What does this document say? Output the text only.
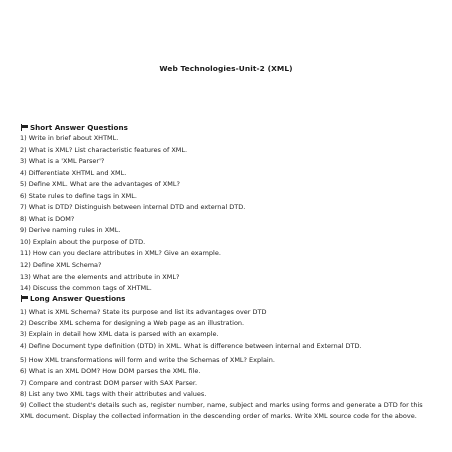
Web Technologies-Unit-2 (XML)
Short Answer Questions
1) Write in brief about XHTML.
2) What is XML? List characteristic features of XML.
3) What is a 'XML Parser'?
4) Differentiate XHTML and XML.
5) Define XML. What are the advantages of XML?
6) State rules to define tags in XML.
7) What is DTD? Distinguish between internal DTD and external DTD.
8) What is DOM?
9) Derive naming rules in XML.
10) Explain about the purpose of DTD.
11) How can you declare attributes in XML? Give an example.
12) Define XML Schema?
13) What are the elements and attribute in XML?
14) Discuss the common tags of XHTML.
Long Answer Questions
1) What is XML Schema? State its purpose and list its advantages over DTD
2) Describe XML schema for designing a Web page as an illustration.
3) Explain in detail how XML data is parsed with an example.
4) Define Document type definition (DTD) in XML. What is difference between internal and External DTD.
5) How XML transformations will form and write the Schemas of XML? Explain.
6) What is an XML DOM? How DOM parses the XML file.
7) Compare and contrast DOM parser with SAX Parser.
8) List any two XML tags with their attributes and values.
9) Collect the student's details such as, register number, name, subject and marks using forms and generate a DTD for this XML document. Display the collected information in the descending order of marks. Write XML source code for the above.
